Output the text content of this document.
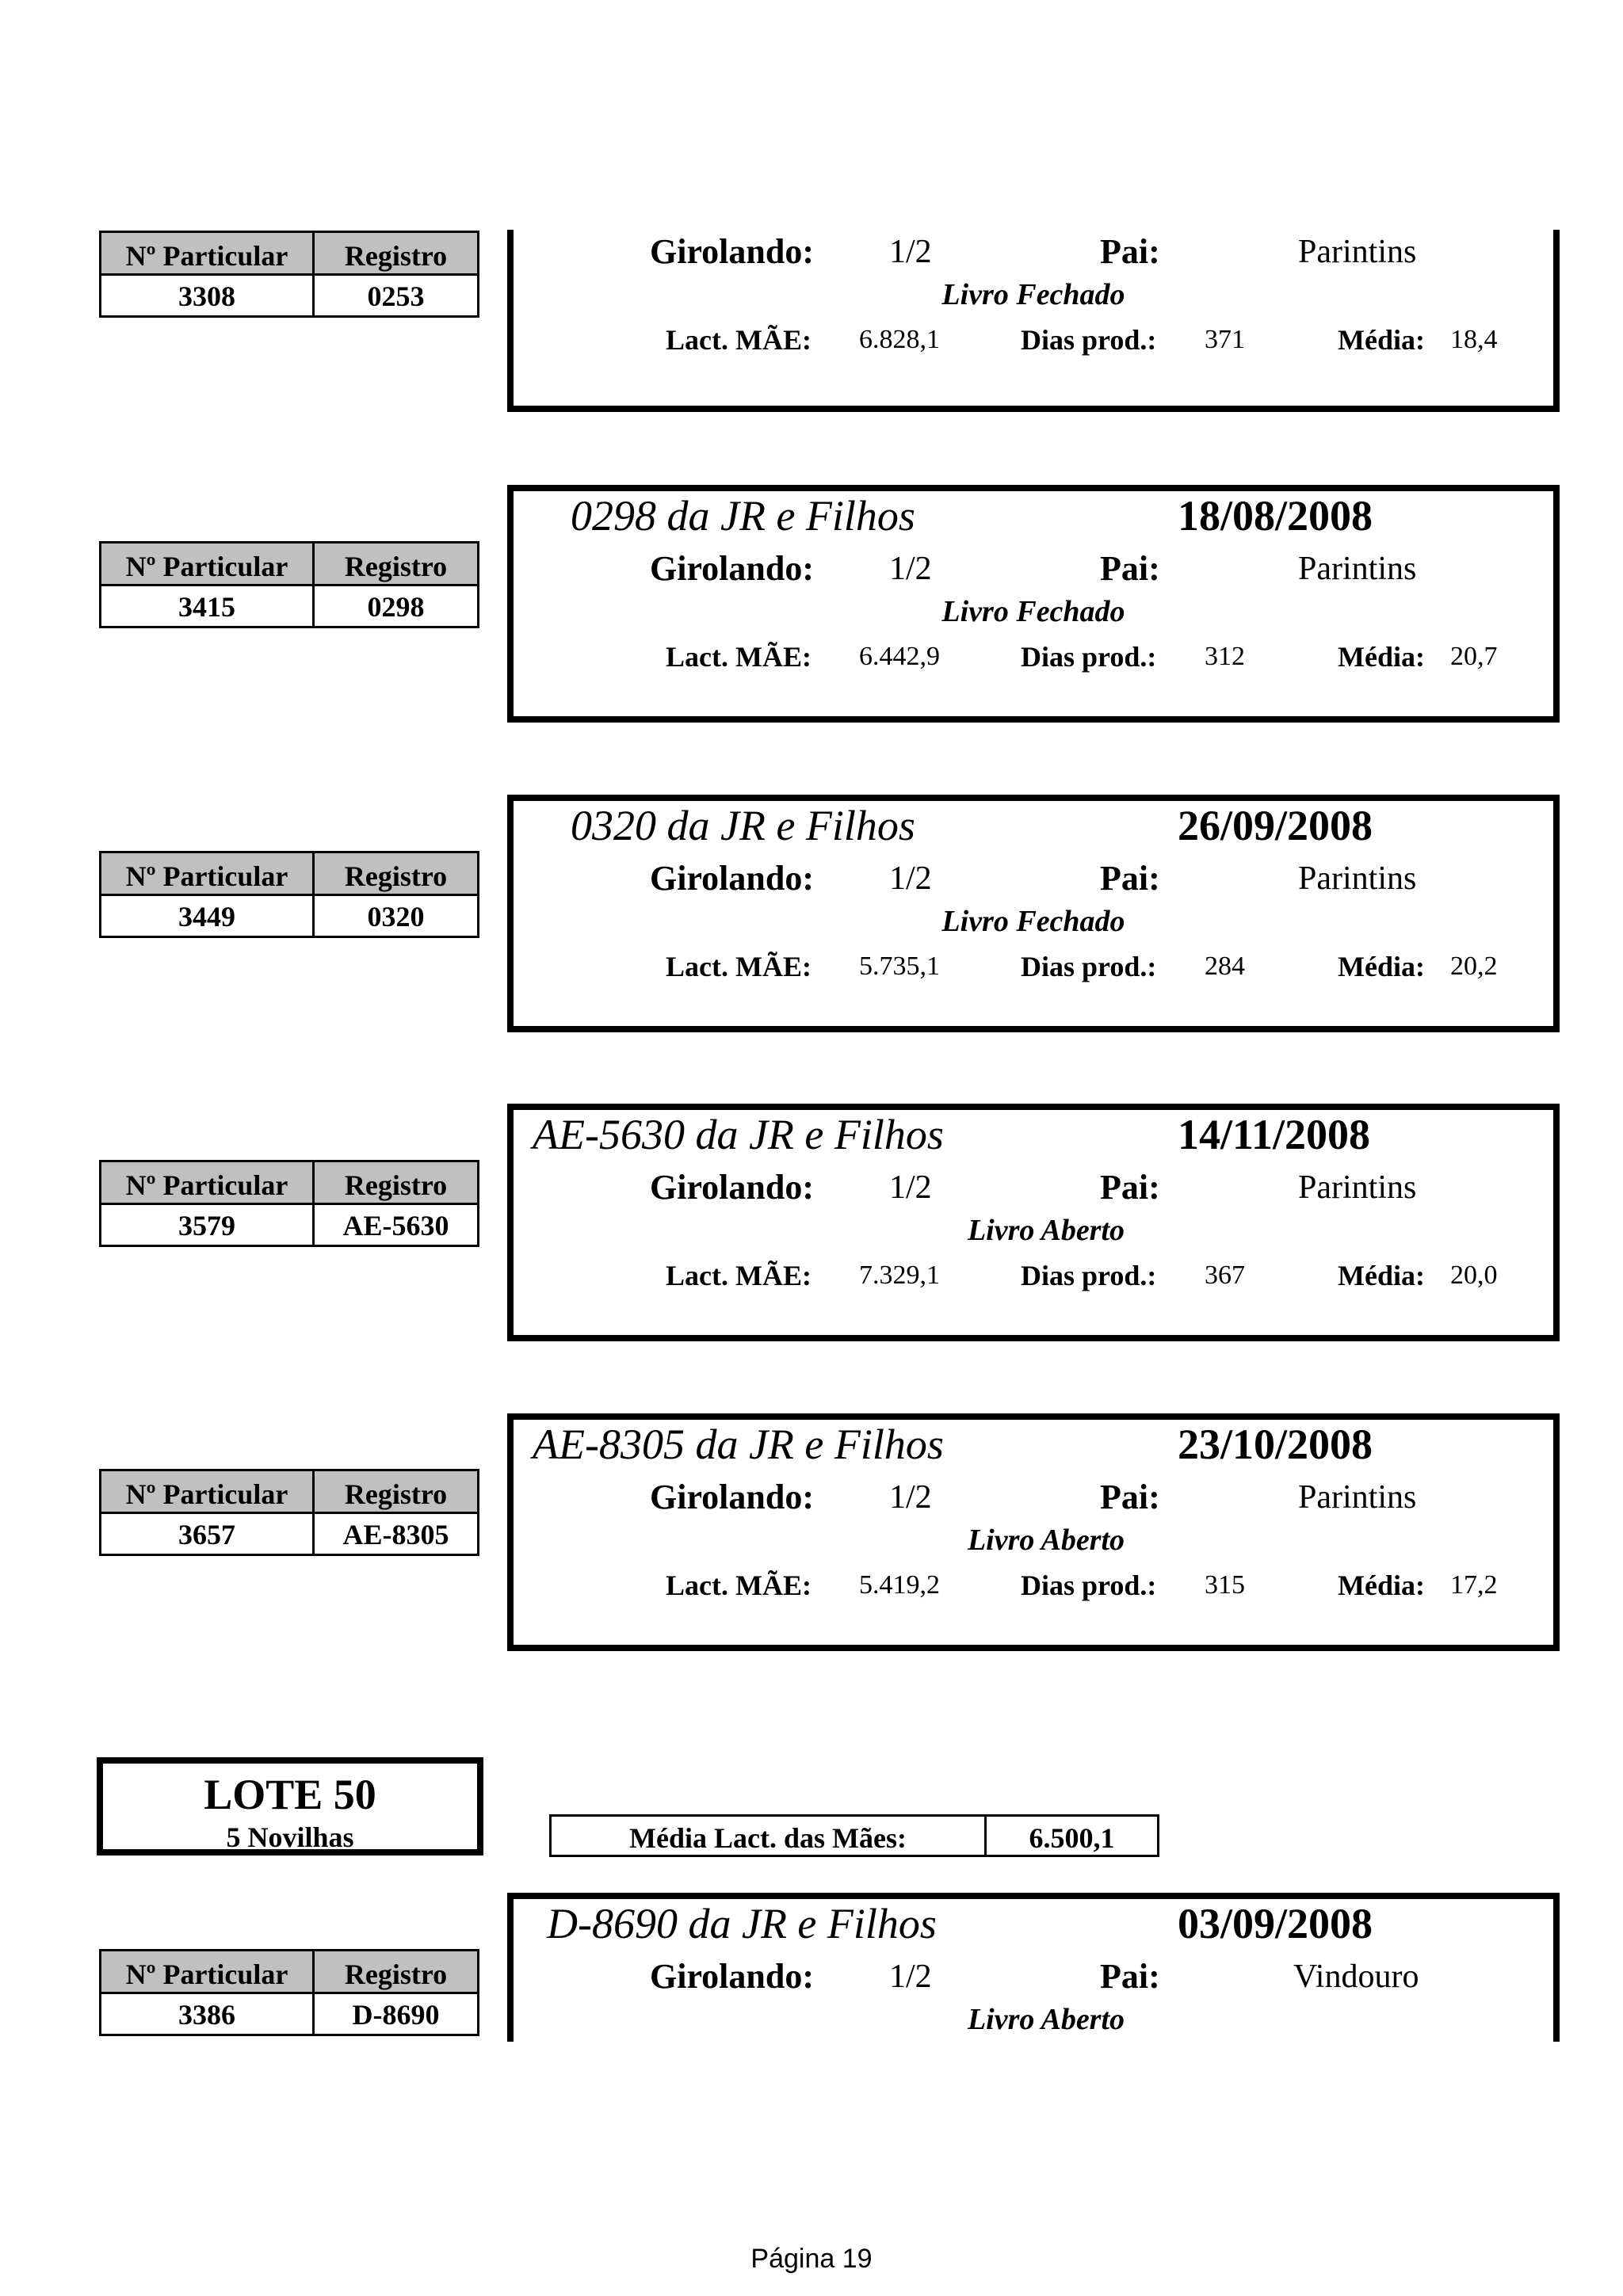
Nº Particular	Registro
3308	0253
Girolando: 1/2	Pai:	Parintins
Livro Fechado
Lact. MÃE: 6.828,1	Dias prod.: 371	Média: 18,4
Nº Particular	Registro
3415	0298
0298 da JR e Filhos	18/08/2008
Girolando: 1/2	Pai:	Parintins
Livro Fechado
Lact. MÃE: 6.442,9	Dias prod.: 312	Média: 20,7
Nº Particular	Registro
3449	0320
0320 da JR e Filhos	26/09/2008
Girolando: 1/2	Pai:	Parintins
Livro Fechado
Lact. MÃE: 5.735,1	Dias prod.: 284	Média: 20,2
Nº Particular	Registro
3579	AE-5630
AE-5630 da JR e Filhos	14/11/2008
Girolando: 1/2	Pai:	Parintins
Livro Aberto
Lact. MÃE: 7.329,1	Dias prod.: 367	Média: 20,0
Nº Particular	Registro
3657	AE-8305
AE-8305 da JR e Filhos	23/10/2008
Girolando: 1/2	Pai:	Parintins
Livro Aberto
Lact. MÃE: 5.419,2	Dias prod.: 315	Média: 17,2
LOTE 50
5 Novilhas	Média Lact. das Mães:	6.500,1
Nº Particular	Registro
3386	D-8690
D-8690 da JR e Filhos	03/09/2008
Girolando: 1/2	Pai:	Vindouro
Livro Aberto
Página 19
